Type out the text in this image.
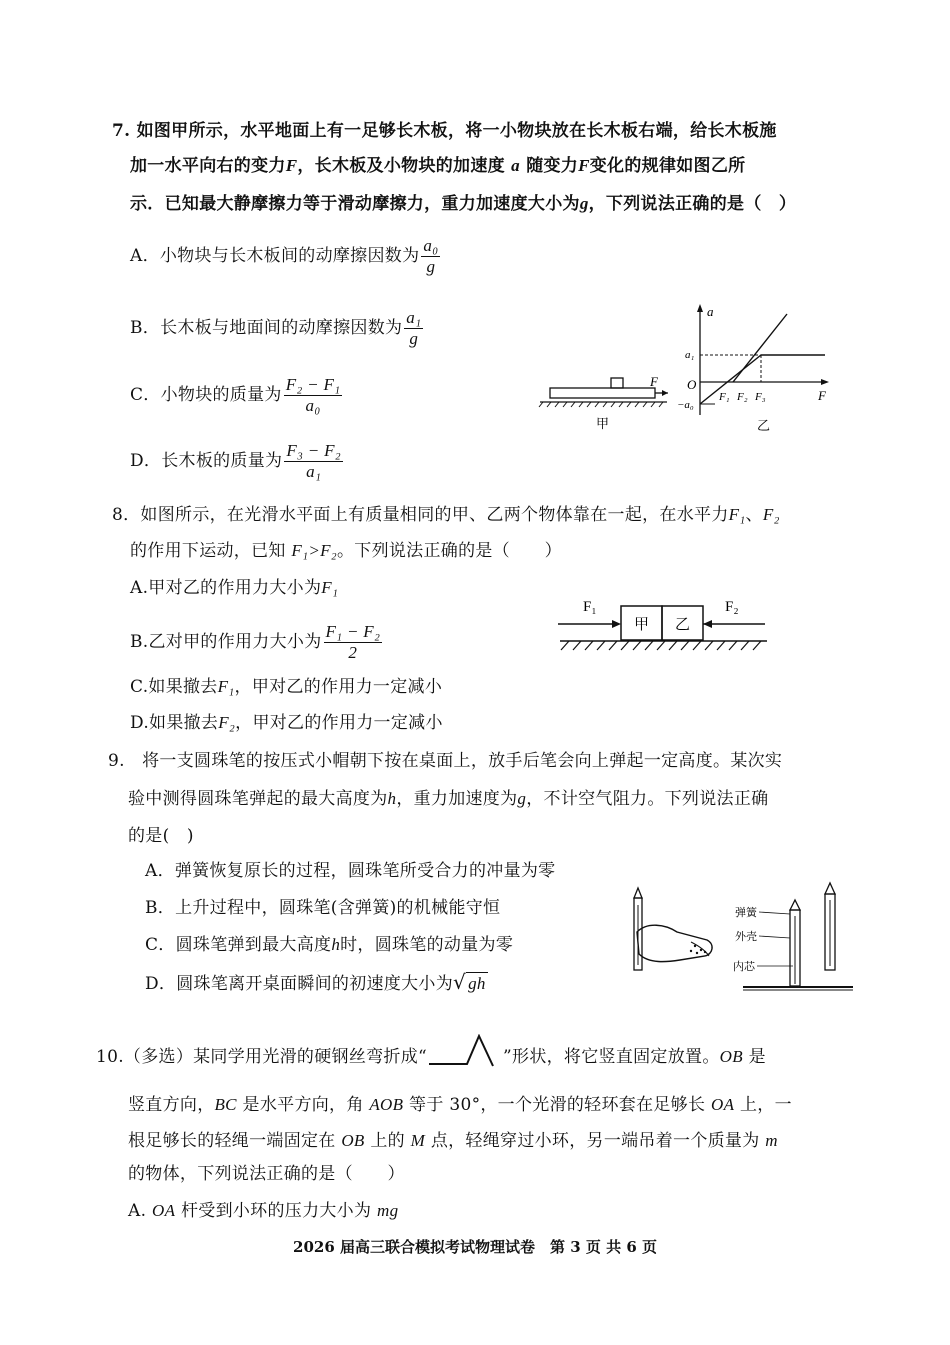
7. 如图甲所示，水平地面上有一足够长木板，将一小物块放在长木板右端，给长木板施
加一水平向右的变力F，长木板及小物块的加速度 a 随变力F变化的规律如图乙所
示．已知最大静摩擦力等于滑动摩擦力，重力加速度大小为g，下列说法正确的是（　）
A．小物块与长木板间的动摩擦因数为 $\frac{\text{a₀}}{g}$
B．长木板与地面间的动摩擦因数为 $\frac{\text{a₁}}{g}$
C．小物块的质量为 $\frac{\text{F₂ − F₁}}{\text{a₀}}$
D．长木板的质量为 $\frac{\text{F₃ − F₂}}{\text{a₁}}$
F
甲
a
F
O
a₁
−a₀
F₁ F₂ F₃
乙
8．如图所示，在光滑水平面上有质量相同的甲、乙两个物体靠在一起，在水平力F₁、F₂
的作用下运动，已知 F₁>F₂。下列说法正确的是（　　）
A.甲对乙的作用力大小为F₁
B.乙对甲的作用力大小为 $\frac{\text{F₁ − F₂}}{2}$
C.如果撤去F₁，甲对乙的作用力一定减小
D.如果撤去F₂，甲对乙的作用力一定减小
F₁	F₂
甲 乙
9.　将一支圆珠笔的按压式小帽朝下按在桌面上，放手后笔会向上弹起一定高度。某次实
验中测得圆珠笔弹起的最大高度为h，重力加速度为g，不计空气阻力。下列说法正确
的是(　)
A．弹簧恢复原长的过程，圆珠笔所受合力的冲量为零
B．上升过程中，圆珠笔(含弹簧)的机械能守恒
C．圆珠笔弹到最大高度h时，圆珠笔的动量为零
D．圆珠笔离开桌面瞬间的初速度大小为√ gh
弹簧
外壳
内芯
10.（多选）某同学用光滑的硬钢丝弯折成“	”形状，将它竖直固定放置。OB 是
竖直方向，BC 是水平方向，角 AOB 等于 30°，一个光滑的轻环套在足够长 OA 上，一
根足够长的轻绳一端固定在 OB 上的 M 点，轻绳穿过小环，另一端吊着一个质量为 m
的物体，下列说法正确的是（　　）
A. OA 杆受到小环的压力大小为 mg
2026 届高三联合模拟考试物理试卷　第 3 页 共 6 页
